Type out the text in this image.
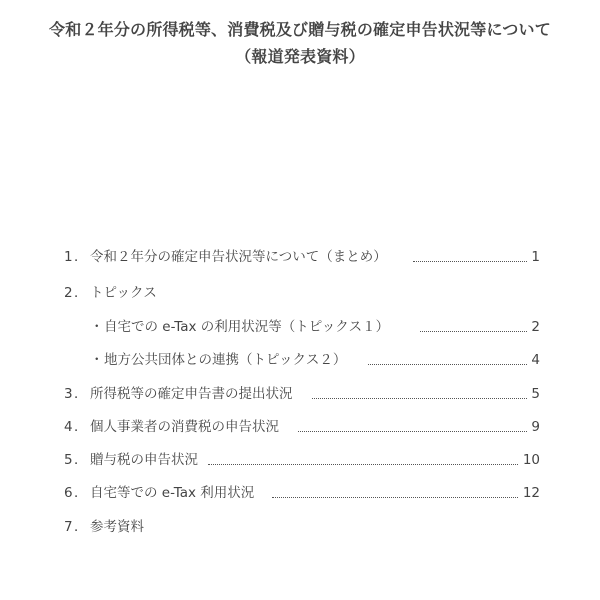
令和２年分の所得税等、消費税及び贈与税の確定申告状況等について
（報道発表資料）
1 ． 令和２年分の確定申告状況等について（まとめ）	1
2 ． トピックス
・ 自宅での e-Tax の利用状況等（トピックス１）	2
・ 地方公共団体との連携（トピックス２）	4
3 ． 所得税等の確定申告書の提出状況	5
4 ． 個人事業者の消費税の申告状況	9
5 ． 贈与税の申告状況	10
6 ． 自宅等での e-Tax 利用状況	12
7 ． 参考資料
